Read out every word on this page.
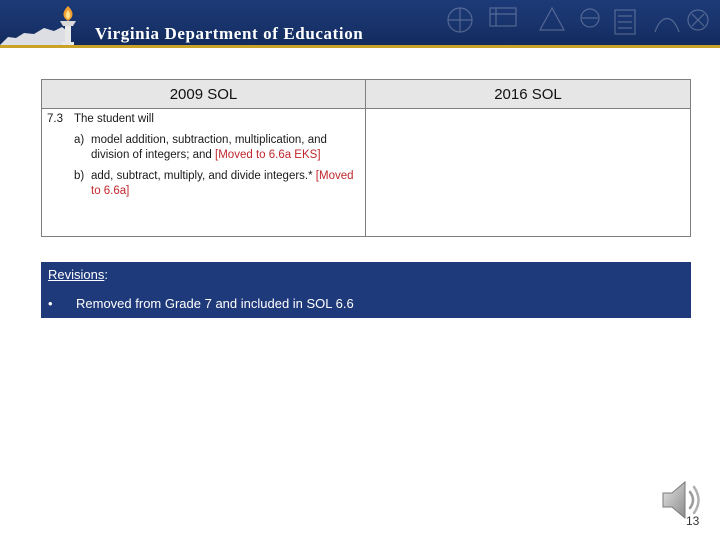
Virginia Department of Education
2009 SOL	2016 SOL

7.3 The student will
a) model addition, subtraction, multiplication, and division of integers; and [Moved to 6.6a EKS]
b) add, subtract, multiply, and divide integers.* [Moved to 6.6a]	

Revisions:
• Removed from Grade 7 and included in SOL 6.6
13
